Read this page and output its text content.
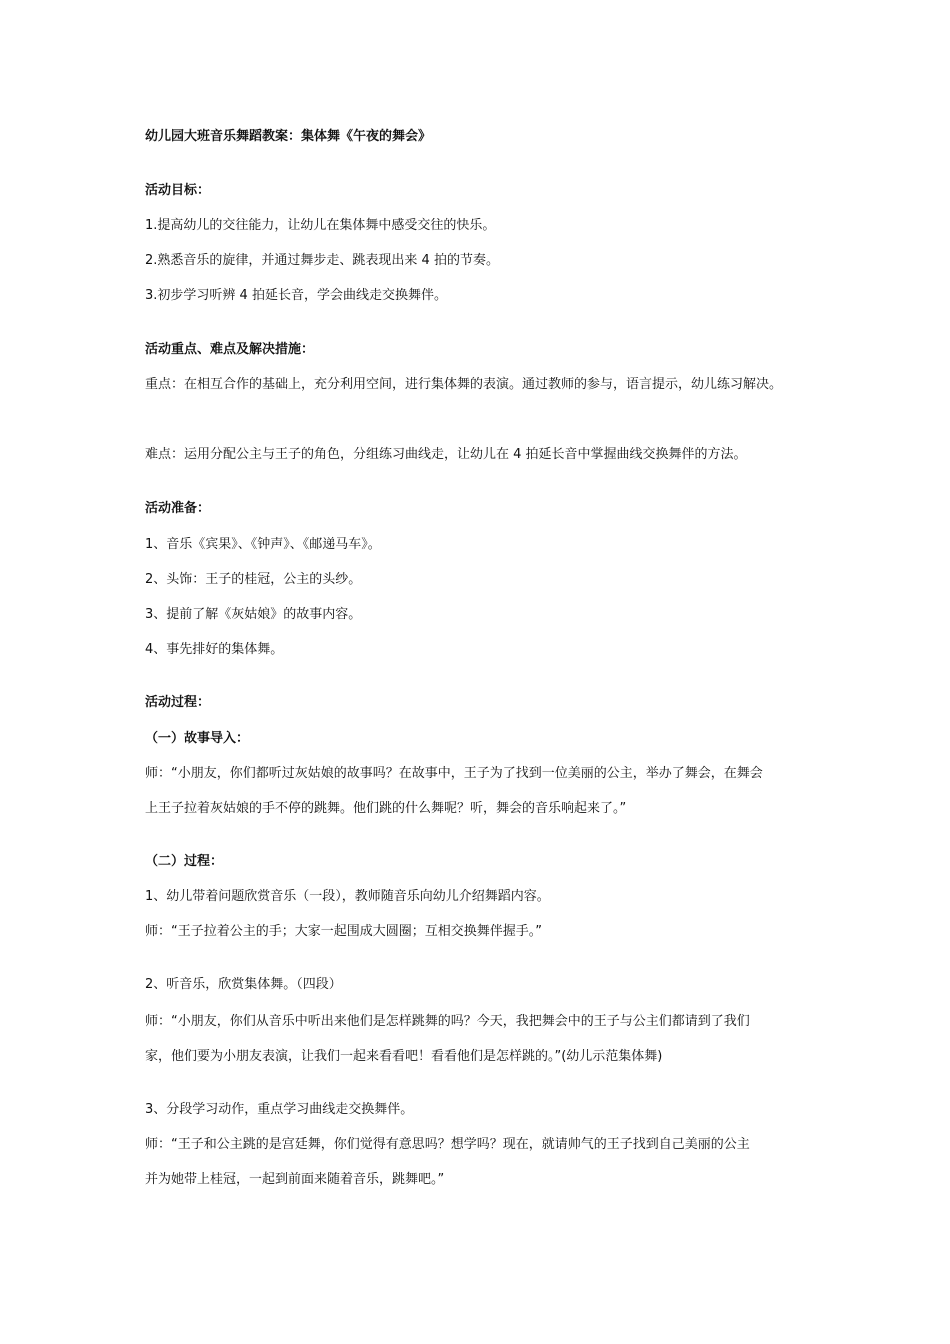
幼儿园大班音乐舞蹈教案：集体舞《午夜的舞会》

活动目标：

1.提高幼儿的交往能力，让幼儿在集体舞中感受交往的快乐。

2.熟悉音乐的旋律，并通过舞步走、跳表现出来 4 拍的节奏。

3.初步学习听辨 4 拍延长音，学会曲线走交换舞伴。

活动重点、难点及解决措施：

重点：在相互合作的基础上，充分利用空间，进行集体舞的表演。通过教师的参与，语言提示，幼儿练习解决。

难点：运用分配公主与王子的角色，分组练习曲线走，让幼儿在 4 拍延长音中掌握曲线交换舞伴的方法。

活动准备：

1、音乐《宾果》、《钟声》、《邮递马车》。

2、头饰：王子的桂冠，公主的头纱。

3、提前了解《灰姑娘》的故事内容。

4、事先排好的集体舞。

活动过程：

（一）故事导入：

师：“小朋友，你们都听过灰姑娘的故事吗？在故事中，王子为了找到一位美丽的公主，举办了舞会，在舞会

上王子拉着灰姑娘的手不停的跳舞。他们跳的什么舞呢？听，舞会的音乐响起来了。”

（二）过程：

1、幼儿带着问题欣赏音乐（一段），教师随音乐向幼儿介绍舞蹈内容。

师：“王子拉着公主的手；大家一起围成大圆圈；互相交换舞伴握手。”

2、听音乐，欣赏集体舞。（四段）

师：“小朋友，你们从音乐中听出来他们是怎样跳舞的吗？今天，我把舞会中的王子与公主们都请到了我们

家，他们要为小朋友表演，让我们一起来看看吧！看看他们是怎样跳的。”(幼儿示范集体舞)

3、分段学习动作，重点学习曲线走交换舞伴。

师：“王子和公主跳的是宫廷舞，你们觉得有意思吗？想学吗？现在，就请帅气的王子找到自己美丽的公主

并为她带上桂冠，一起到前面来随着音乐，跳舞吧。”
